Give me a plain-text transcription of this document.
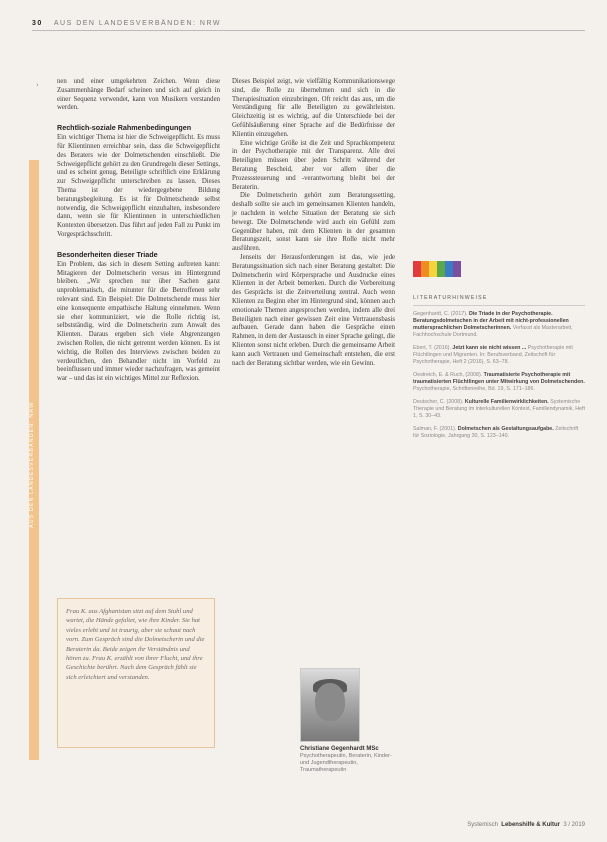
30 AUS DEN LANDESVERBÄNDEN: NRW
AUS DEN LANDESVERBÄNDEN: NRW
›	nen und einer umgekehrten Zeichen. Wenn diese Zusammenhänge Bedarf scheinen und sich auf gleich in einer Sequenz verwendet, kann von Musikern verstanden werden.

Rechtlich-soziale Rahmenbedingungen

Ein wichtiger Thema ist hier die Schweigepflicht. Es muss für Klientinnen erreichbar sein, dass die Schweigepflicht des Beraters wie der Dolmetschenden einschließt. Die Schweigepflicht gehört zu den Grundregeln dieser Settings, und es scheint genug, Beteiligte schriftlich eine Erklärung zur Schweigepflicht unterschreiben zu lassen. Dieses Thema ist der wiedergegebene Bildung beratungsbegleitung. Es ist für Dolmetschende selbst notwendig, die Schweigepflicht einzuhalten, insbesondere dann, wenn sie für Klientinnen in unterschiedlichen Kontexten übersetzen. Das führt auf jeden Fall zu Punkt im Vorgesprächsschritt.

Besonderheiten dieser Triade

Ein Problem, das sich in diesem Setting auftreten kann: Mitagieren der Dolmetscherin versus im Hintergrund bleiben. „Wir sprechen nur über Sachen ganz unproblematisch, die mitunter für die Betroffenen sehr relevant sind. Ein Beispiel: Die Dolmetschende muss hier eine konsequente empathische Haltung einnehmen. Wenn sie eher kommuniziert, wie die Rolle richtig ist, selbstständig, wird die Dolmetscherin zum Anwalt des Klienten. Daraus ergeben sich viele Abgrenzungen zwischen Rollen, die nicht getrennt werden können. Es ist wichtig, die Rollen des Interviews zwischen beiden zu verdeutlichen, den Behandler nicht im Vorfeld zu beeinflussen und immer wieder nachzufragen, was gemeint war – und das ist ein wichtiges Mittel zur Reflexion.

Dieses Beispiel zeigt, wie vielfältig Kommunikationswege sind, die Rolle zu übernehmen und sich in die Therapiesituation einzubringen. Oft reicht das aus, um die Verständigung für alle Beteiligten zu gewährleisten. Gleichzeitig ist es wichtig, auf die Unterschiede bei der Gefühlsäußerung einer Sprache auf die Bedürfnisse der Klientin einzugehen.

Eine wichtige Größe ist die Zeit und Sprachkompetenz in der Psychotherapie mit der Transparenz. Alle drei Beteiligten müssen über jeden Schritt während der Beratung Bescheid, aber vor allem über die Prozesssteuerung und -verantwortung bleibt bei der Beraterin.

Die Dolmetscherin gehört zum Beratungssetting, deshalb sollte sie auch im gemeinsamen Klienten handeln, je nachdem in welche Situation der Beratung sie sich bewegt. Die Dolmetschende wird auch ein Gefühl zum Gegenüber haben, mit dem Klienten in der gesamten Beratungszeit, sonst kann sie ihre Rolle nicht mehr ausführen.

Jenseits der Herausforderungen ist das, wie jede Beratungssituation sich nach einer Beratung gestaltet: Die Dolmetscherin wird Körpersprache und Ausdrucke eines Klienten in der Arbeit bemerken. Durch die Vorbereitung des Gesprächs ist die Zeitverteilung zentral. Auch wenn Klienten zu Beginn eher im Hintergrund sind, können auch emotionale Themen angesprochen werden, indem alle drei Beteiligten nach einer gewissen Zeit eine Vertrauensbasis aufbauen. Gerade dann haben die Gespräche einen Rahmen, in dem der Austausch in einer Sprache gelingt, die Klienten sonst nicht erleben. Durch die gemeinsame Arbeit kann auch Vertrauen und Gemeinschaft entstehen, die erst nach der Beratung sichtbar werden, wie ein Gewinn.

Frau K. aus Afghanistan sitzt auf dem Stuhl und wartet, die Hände gefaltet, wie ihre Kinder. Sie hat vieles erlebt und ist traurig, aber sie schaut nach vorn. Zum Gespräch sind die Dolmetscherin und die Beraterin da. Beide zeigen ihr Verständnis und hören zu. Frau K. erzählt von ihrer Flucht, und ihre Geschichte berührt. Nach dem Gespräch fühlt sie sich erleichtert und verstanden.
Christiane Gegenhardt MSc
Psychotherapeutin, Beraterin, Kinder- und Jugendtherapeutin, Traumatherapeutin
LITERATURHINWEISE
Gegenhardt, C. (2017). Die Triade in der Psychotherapie. Beratungsdolmetschen in der Arbeit mit nicht-professionellen muttersprachlichen Dolmetscherinnen. Verfasst als Masterarbeit, Fachhochschule Dortmund.
Ebert, T. (2016). Jetzt kann sie nicht wissen ... Psychotherapie mit Flüchtlingen und Migranten. In: Berufsverband, Zeitschrift für Psychotherapie, Heft 2 (2016), S. 63–78.
Oestreich, E. & Ruch, (2008). Traumatisierte Psychotherapie mit traumatisierten Flüchtlingen unter Mitwirkung von Dolmetschenden. Psychotherapie, Schriftenreihe, Bd. 19, S. 171–186.
Deutscher, C. (2008). Kulturelle Familienwirklichkeiten. Systemische Therapie und Beratung im interkulturellen Kontext, Familiendynamik, Heft 1, S. 30–43.
Salman, F. (2001). Dolmetschen als Gestaltungsaufgabe. Zeitschrift für Soziologie, Jahrgang 30, S. 123–140.
Systemisch Lebenshilfe & Kultur 3 / 2019
